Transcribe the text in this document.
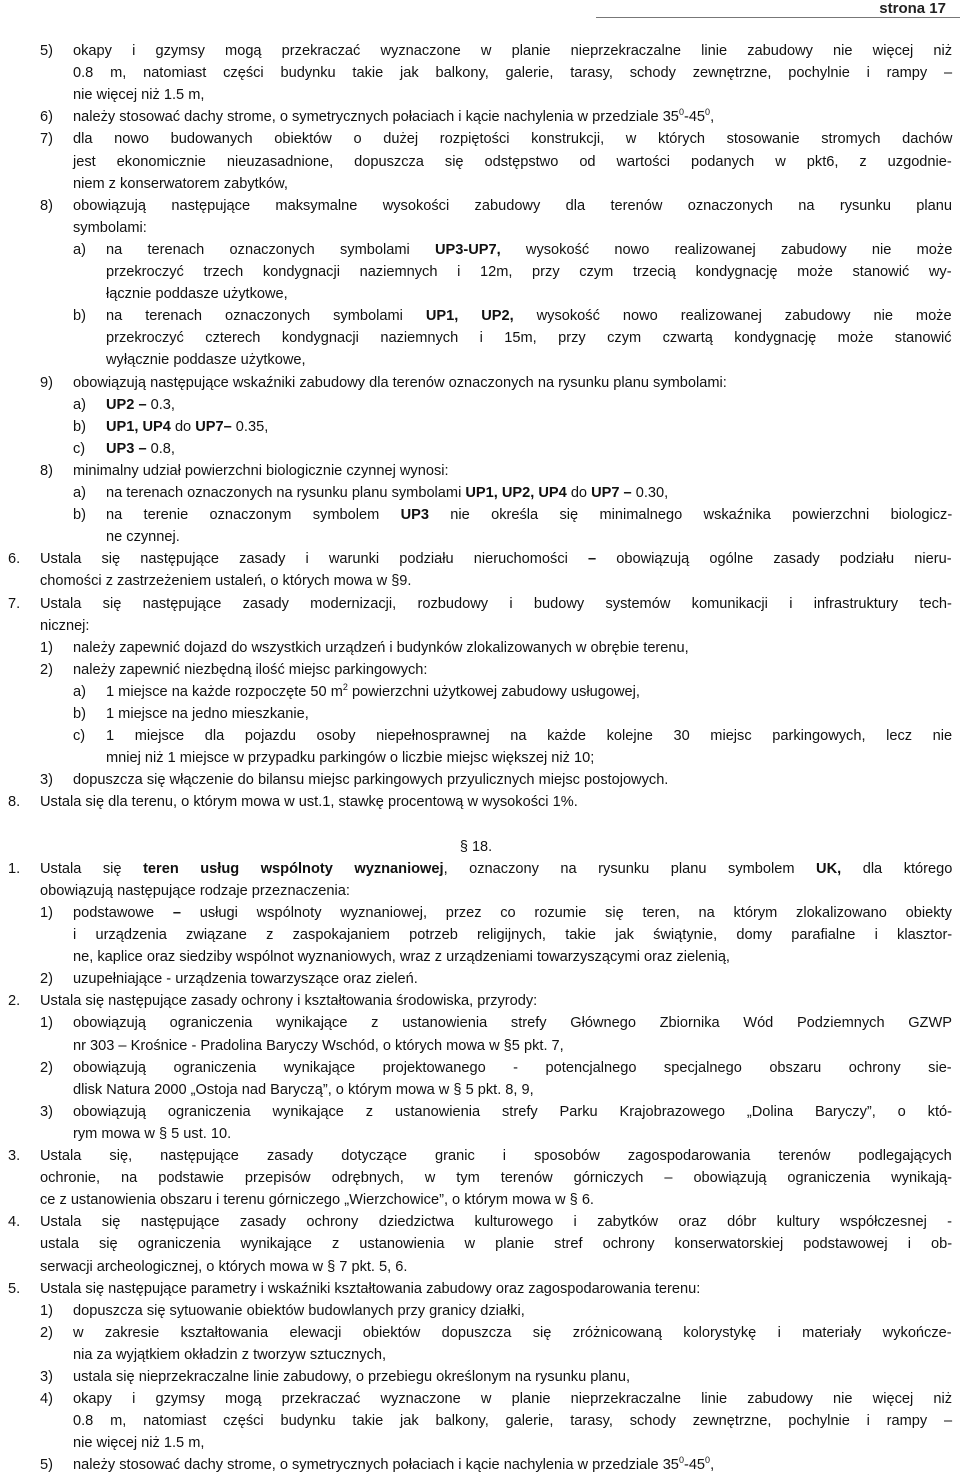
strona 17
5) okapy i gzymsy mogą przekraczać wyznaczone w planie nieprzekraczalne linie zabudowy nie więcej niż
0.8 m, natomiast części budynku takie jak balkony, galerie, tarasy, schody zewnętrzne, pochylnie i rampy –
nie więcej niż 1.5 m,
6) należy stosować dachy strome, o symetrycznych połaciach i kącie nachylenia w przedziale $35^0-45^0$,
7) dla nowo budowanych obiektów o dużej rozpiętości konstrukcji, w których stosowanie stromych dachów
jest ekonomicznie nieuzasadnione, dopuszcza się odstępstwo od wartości podanych w pkt6, z uzgodnie-
niem z konserwatorem zabytków,
8) obowiązują następujące maksymalne wysokości zabudowy dla terenów oznaczonych na rysunku planu
symbolami:
a) na terenach oznaczonych symbolami UP3-UP7, wysokość nowo realizowanej zabudowy nie może
przekroczyć trzech kondygnacji naziemnych i 12m, przy czym trzecią kondygnację może stanowić wy-
łącznie poddasze użytkowe,
b) na terenach oznaczonych symbolami UP1, UP2, wysokość nowo realizowanej zabudowy nie może
przekroczyć czterech kondygnacji naziemnych i 15m, przy czym czwartą kondygnację może stanowić
wyłącznie poddasze użytkowe,
9) obowiązują następujące wskaźniki zabudowy dla terenów oznaczonych na rysunku planu symbolami:
a) UP2 – 0.3,
b) UP1, UP4 do UP7– 0.35,
c) UP3 – 0.8,
8) minimalny udział powierzchni biologicznie czynnej wynosi:
a) na terenach oznaczonych na rysunku planu symbolami UP1, UP2, UP4 do UP7 – 0.30,
b) na terenie oznaczonym symbolem UP3 nie określa się minimalnego wskaźnika powierzchni biologicz-
ne czynnej.
6. Ustala się następujące zasady i warunki podziału nieruchomości – obowiązują ogólne zasady podziału nieru-
chomości z zastrzeżeniem ustaleń, o których mowa w §9.
7. Ustala się następujące zasady modernizacji, rozbudowy i budowy systemów komunikacji i infrastruktury tech-
nicznej:
1) należy zapewnić dojazd do wszystkich urządzeń i budynków zlokalizowanych w obrębie terenu,
2) należy zapewnić niezbędną ilość miejsc parkingowych:
a) 1 miejsce na każde rozpoczęte 50 $m^2$ powierzchni użytkowej zabudowy usługowej,
b) 1 miejsce na jedno mieszkanie,
c) 1 miejsce dla pojazdu osoby niepełnosprawnej na każde kolejne 30 miejsc parkingowych, lecz nie
mniej niż 1 miejsce w przypadku parkingów o liczbie miejsc większej niż 10;
3) dopuszcza się włączenie do bilansu miejsc parkingowych przyulicznych miejsc postojowych.
8. Ustala się dla terenu, o którym mowa w ust.1, stawkę procentową w wysokości 1%.
§ 18.
1. Ustala się teren usług wspólnoty wyznaniowej, oznaczony na rysunku planu symbolem UK, dla którego
obowiązują następujące rodzaje przeznaczenia:
1) podstawowe – usługi wspólnoty wyznaniowej, przez co rozumie się teren, na którym zlokalizowano obiekty
i urządzenia związane z zaspokajaniem potrzeb religijnych, takie jak świątynie, domy parafialne i klasztor-
ne, kaplice oraz siedziby wspólnot wyznaniowych, wraz z urządzeniami towarzyszącymi oraz zielenią,
2) uzupełniające - urządzenia towarzyszące oraz zieleń.
2. Ustala się następujące zasady ochrony i kształtowania środowiska, przyrody:
1) obowiązują ograniczenia wynikające z ustanowienia strefy Głównego Zbiornika Wód Podziemnych GZWP
nr 303 – Krośnice - Pradolina Baryczy Wschód, o których mowa w §5 pkt. 7,
2) obowiązują ograniczenia wynikające projektowanego - potencjalnego specjalnego obszaru ochrony sie-
dlisk Natura 2000 „Ostoja nad Baryczą”, o którym mowa w § 5 pkt. 8, 9,
3) obowiązują ograniczenia wynikające z ustanowienia strefy Parku Krajobrazowego „Dolina Baryczy”, o któ-
rym mowa w § 5 ust. 10.
3. Ustala się, następujące zasady dotyczące granic i sposobów zagospodarowania terenów podlegających
ochronie, na podstawie przepisów odrębnych, w tym terenów górniczych – obowiązują ograniczenia wynikają-
ce z ustanowienia obszaru i terenu górniczego „Wierzchowice”, o którym mowa w § 6.
4. Ustala się następujące zasady ochrony dziedzictwa kulturowego i zabytków oraz dóbr kultury współczesnej -
ustala się ograniczenia wynikające z ustanowienia w planie stref ochrony konserwatorskiej podstawowej i ob-
serwacji archeologicznej, o których mowa w § 7 pkt. 5, 6.
5. Ustala się następujące parametry i wskaźniki kształtowania zabudowy oraz zagospodarowania terenu:
1) dopuszcza się sytuowanie obiektów budowlanych przy granicy działki,
2) w zakresie kształtowania elewacji obiektów dopuszcza się zróżnicowaną kolorystykę i materiały wykończe-
nia za wyjątkiem okładzin z tworzyw sztucznych,
3) ustala się nieprzekraczalne linie zabudowy, o przebiegu określonym na rysunku planu,
4) okapy i gzymsy mogą przekraczać wyznaczone w planie nieprzekraczalne linie zabudowy nie więcej niż
0.8 m, natomiast części budynku takie jak balkony, galerie, tarasy, schody zewnętrzne, pochylnie i rampy –
nie więcej niż 1.5 m,
5) należy stosować dachy strome, o symetrycznych połaciach i kącie nachylenia w przedziale $35^0-45^0$,
